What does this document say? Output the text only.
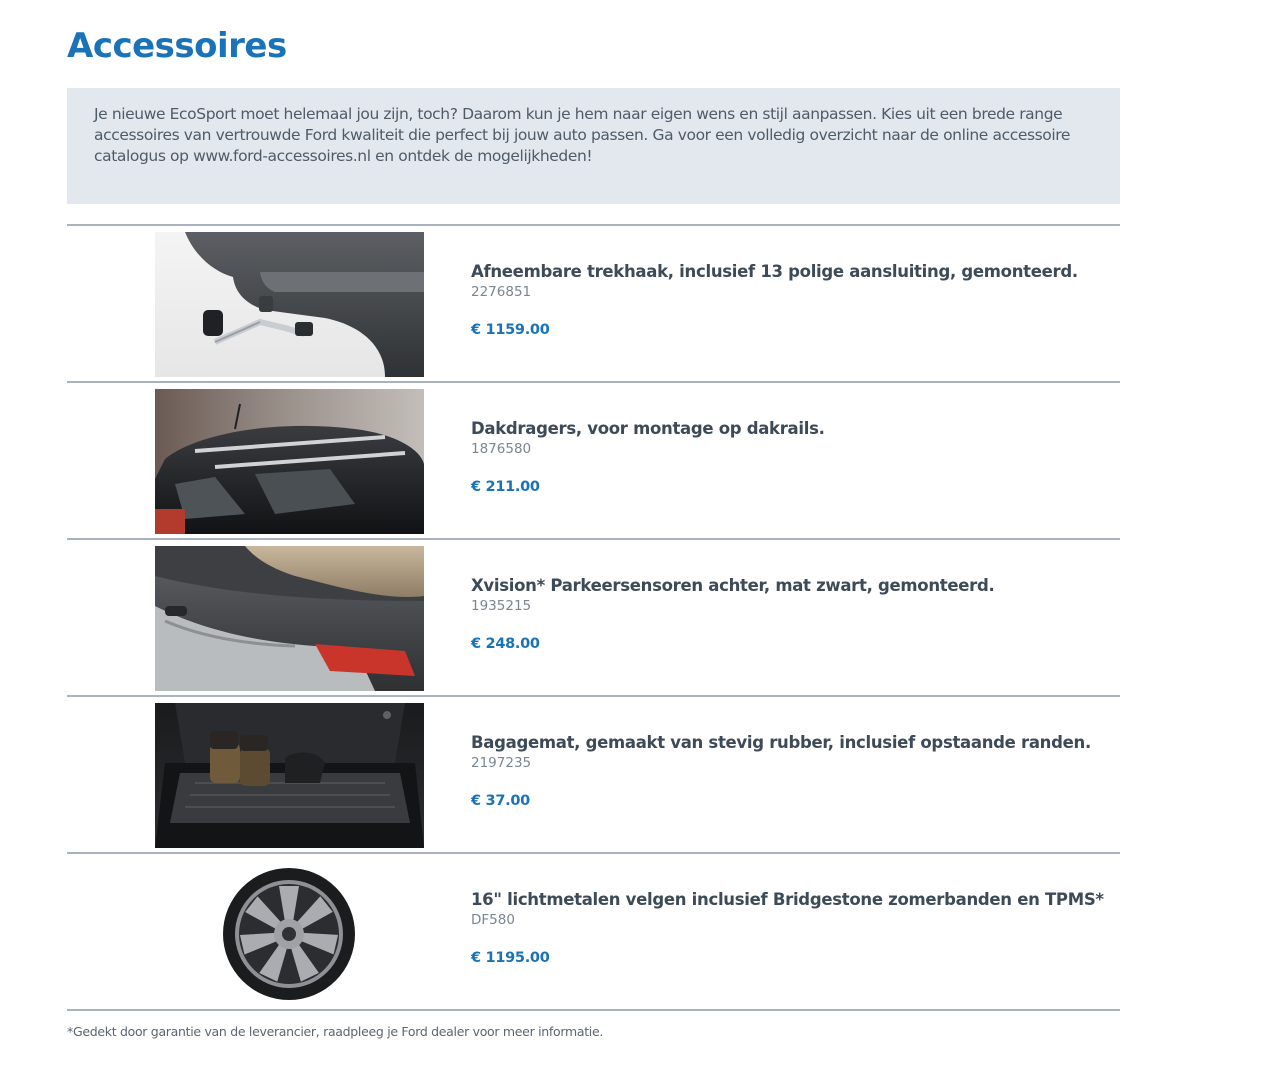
Accessoires
Je nieuwe EcoSport moet helemaal jou zijn, toch? Daarom kun je hem naar eigen wens en stijl aanpassen. Kies uit een brede range accessoires van vertrouwde Ford kwaliteit die perfect bij jouw auto passen. Ga voor een volledig overzicht naar de online accessoire catalogus op www.ford-accessoires.nl en ontdek de mogelijkheden!
Afneembare trekhaak, inclusief 13 polige aansluiting, gemonteerd.
2276851
€ 1159.00
Dakdragers, voor montage op dakrails.
1876580
€ 211.00
Xvision* Parkeersensoren achter, mat zwart, gemonteerd.
1935215
€ 248.00
Bagagemat, gemaakt van stevig rubber, inclusief opstaande randen.
2197235
€ 37.00
16" lichtmetalen velgen inclusief Bridgestone zomerbanden en TPMS*
DF580
€ 1195.00
*Gedekt door garantie van de leverancier, raadpleeg je Ford dealer voor meer informatie.
